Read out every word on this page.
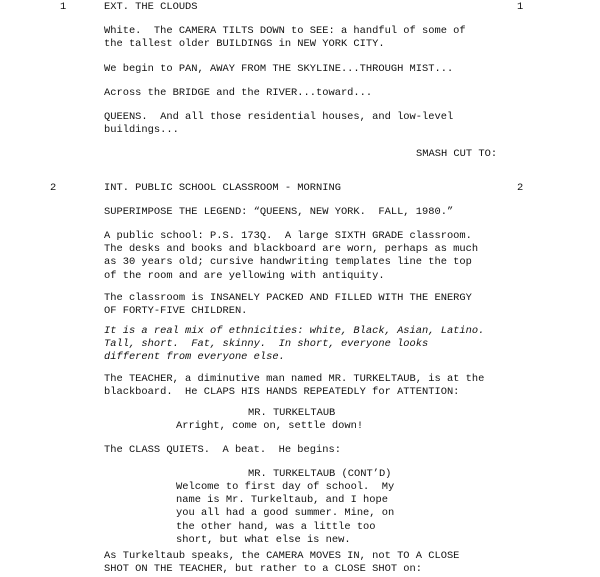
1	EXT. THE CLOUDS	1
White.  The CAMERA TILTS DOWN to SEE: a handful of some of
the tallest older BUILDINGS in NEW YORK CITY.
We begin to PAN, AWAY FROM THE SKYLINE...THROUGH MIST...
Across the BRIDGE and the RIVER...toward...
QUEENS.  And all those residential houses, and low-level
buildings...
SMASH CUT TO:
2	INT. PUBLIC SCHOOL CLASSROOM - MORNING	2
SUPERIMPOSE THE LEGEND: “QUEENS, NEW YORK.  FALL, 1980.”
A public school: P.S. 173Q.  A large SIXTH GRADE classroom.
The desks and books and blackboard are worn, perhaps as much
as 30 years old; cursive handwriting templates line the top
of the room and are yellowing with antiquity.
The classroom is INSANELY PACKED AND FILLED WITH THE ENERGY
OF FORTY-FIVE CHILDREN.
It is a real mix of ethnicities: white, Black, Asian, Latino.
Tall, short.  Fat, skinny.  In short, everyone looks
different from everyone else.
The TEACHER, a diminutive man named MR. TURKELTAUB, is at the
blackboard.  He CLAPS HIS HANDS REPEATEDLY for ATTENTION:
MR. TURKELTAUB
Arright, come on, settle down!
The CLASS QUIETS.  A beat.  He begins:
MR. TURKELTAUB (CONT’D)
Welcome to first day of school.  My
name is Mr. Turkeltaub, and I hope
you all had a good summer. Mine, on
the other hand, was a little too
short, but what else is new.
As Turkeltaub speaks, the CAMERA MOVES IN, not TO A CLOSE
SHOT ON THE TEACHER, but rather to a CLOSE SHOT on:
